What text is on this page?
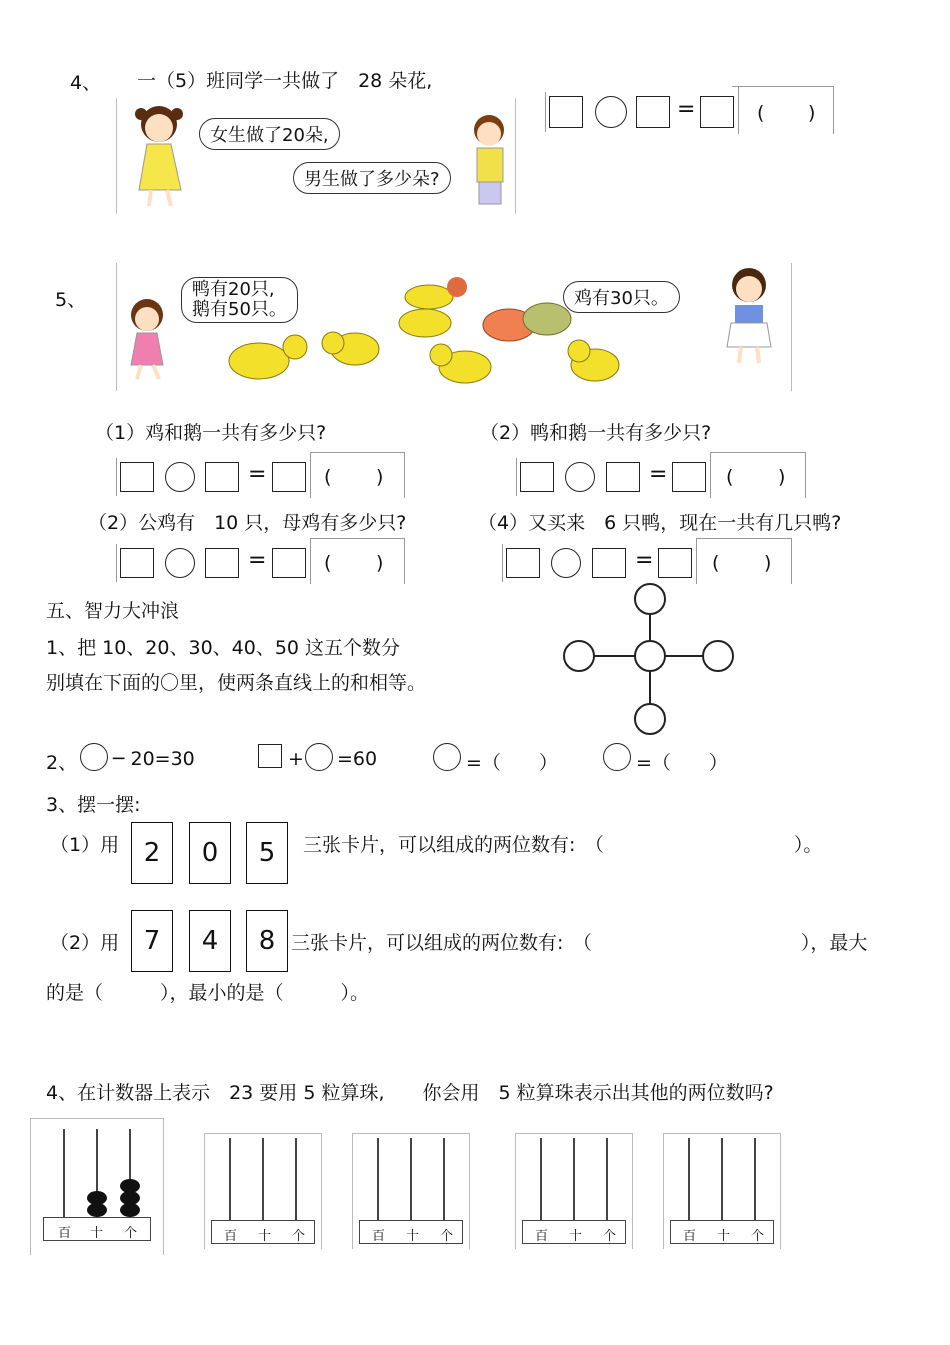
4、 一（5）班同学一共做了　28 朵花,
女生做了20朵,
男生做了多少朵?
=	( )
5、	鸭有20只,
鹅有50只。
鸡有30只。
（1）鸡和鹅一共有多少只?	（2）鸭和鹅一共有多少只?
=	( )	=	( )
（2）公鸡有　10 只，母鸡有多少只?	（4）又买来　6 只鸭，现在一共有几只鸭?
=	( )	=	( )
五、智力大冲浪
1、把 10、20、30、40、50 这五个数分
别填在下面的〇里，使两条直线上的和相等。
2、 ─ 20=30	+ =60	=（　　）	=（　　）
3、摆一摆:
（1）用 2	0	5	三张卡片，可以组成的两位数有:　（　　　　　　　　　　）。
（2）用 7	4	8 三张卡片，可以组成的两位数有:　（　　　　　　　　　　　），最大
的是（　　　），最小的是（　　　）。
4、在计数器上表示　23 要用 5 粒算珠,　　你会用　5 粒算珠表示出其他的两位数吗?
百 十 个	百 十 个	百 十 个	百 十 个	百 十 个
